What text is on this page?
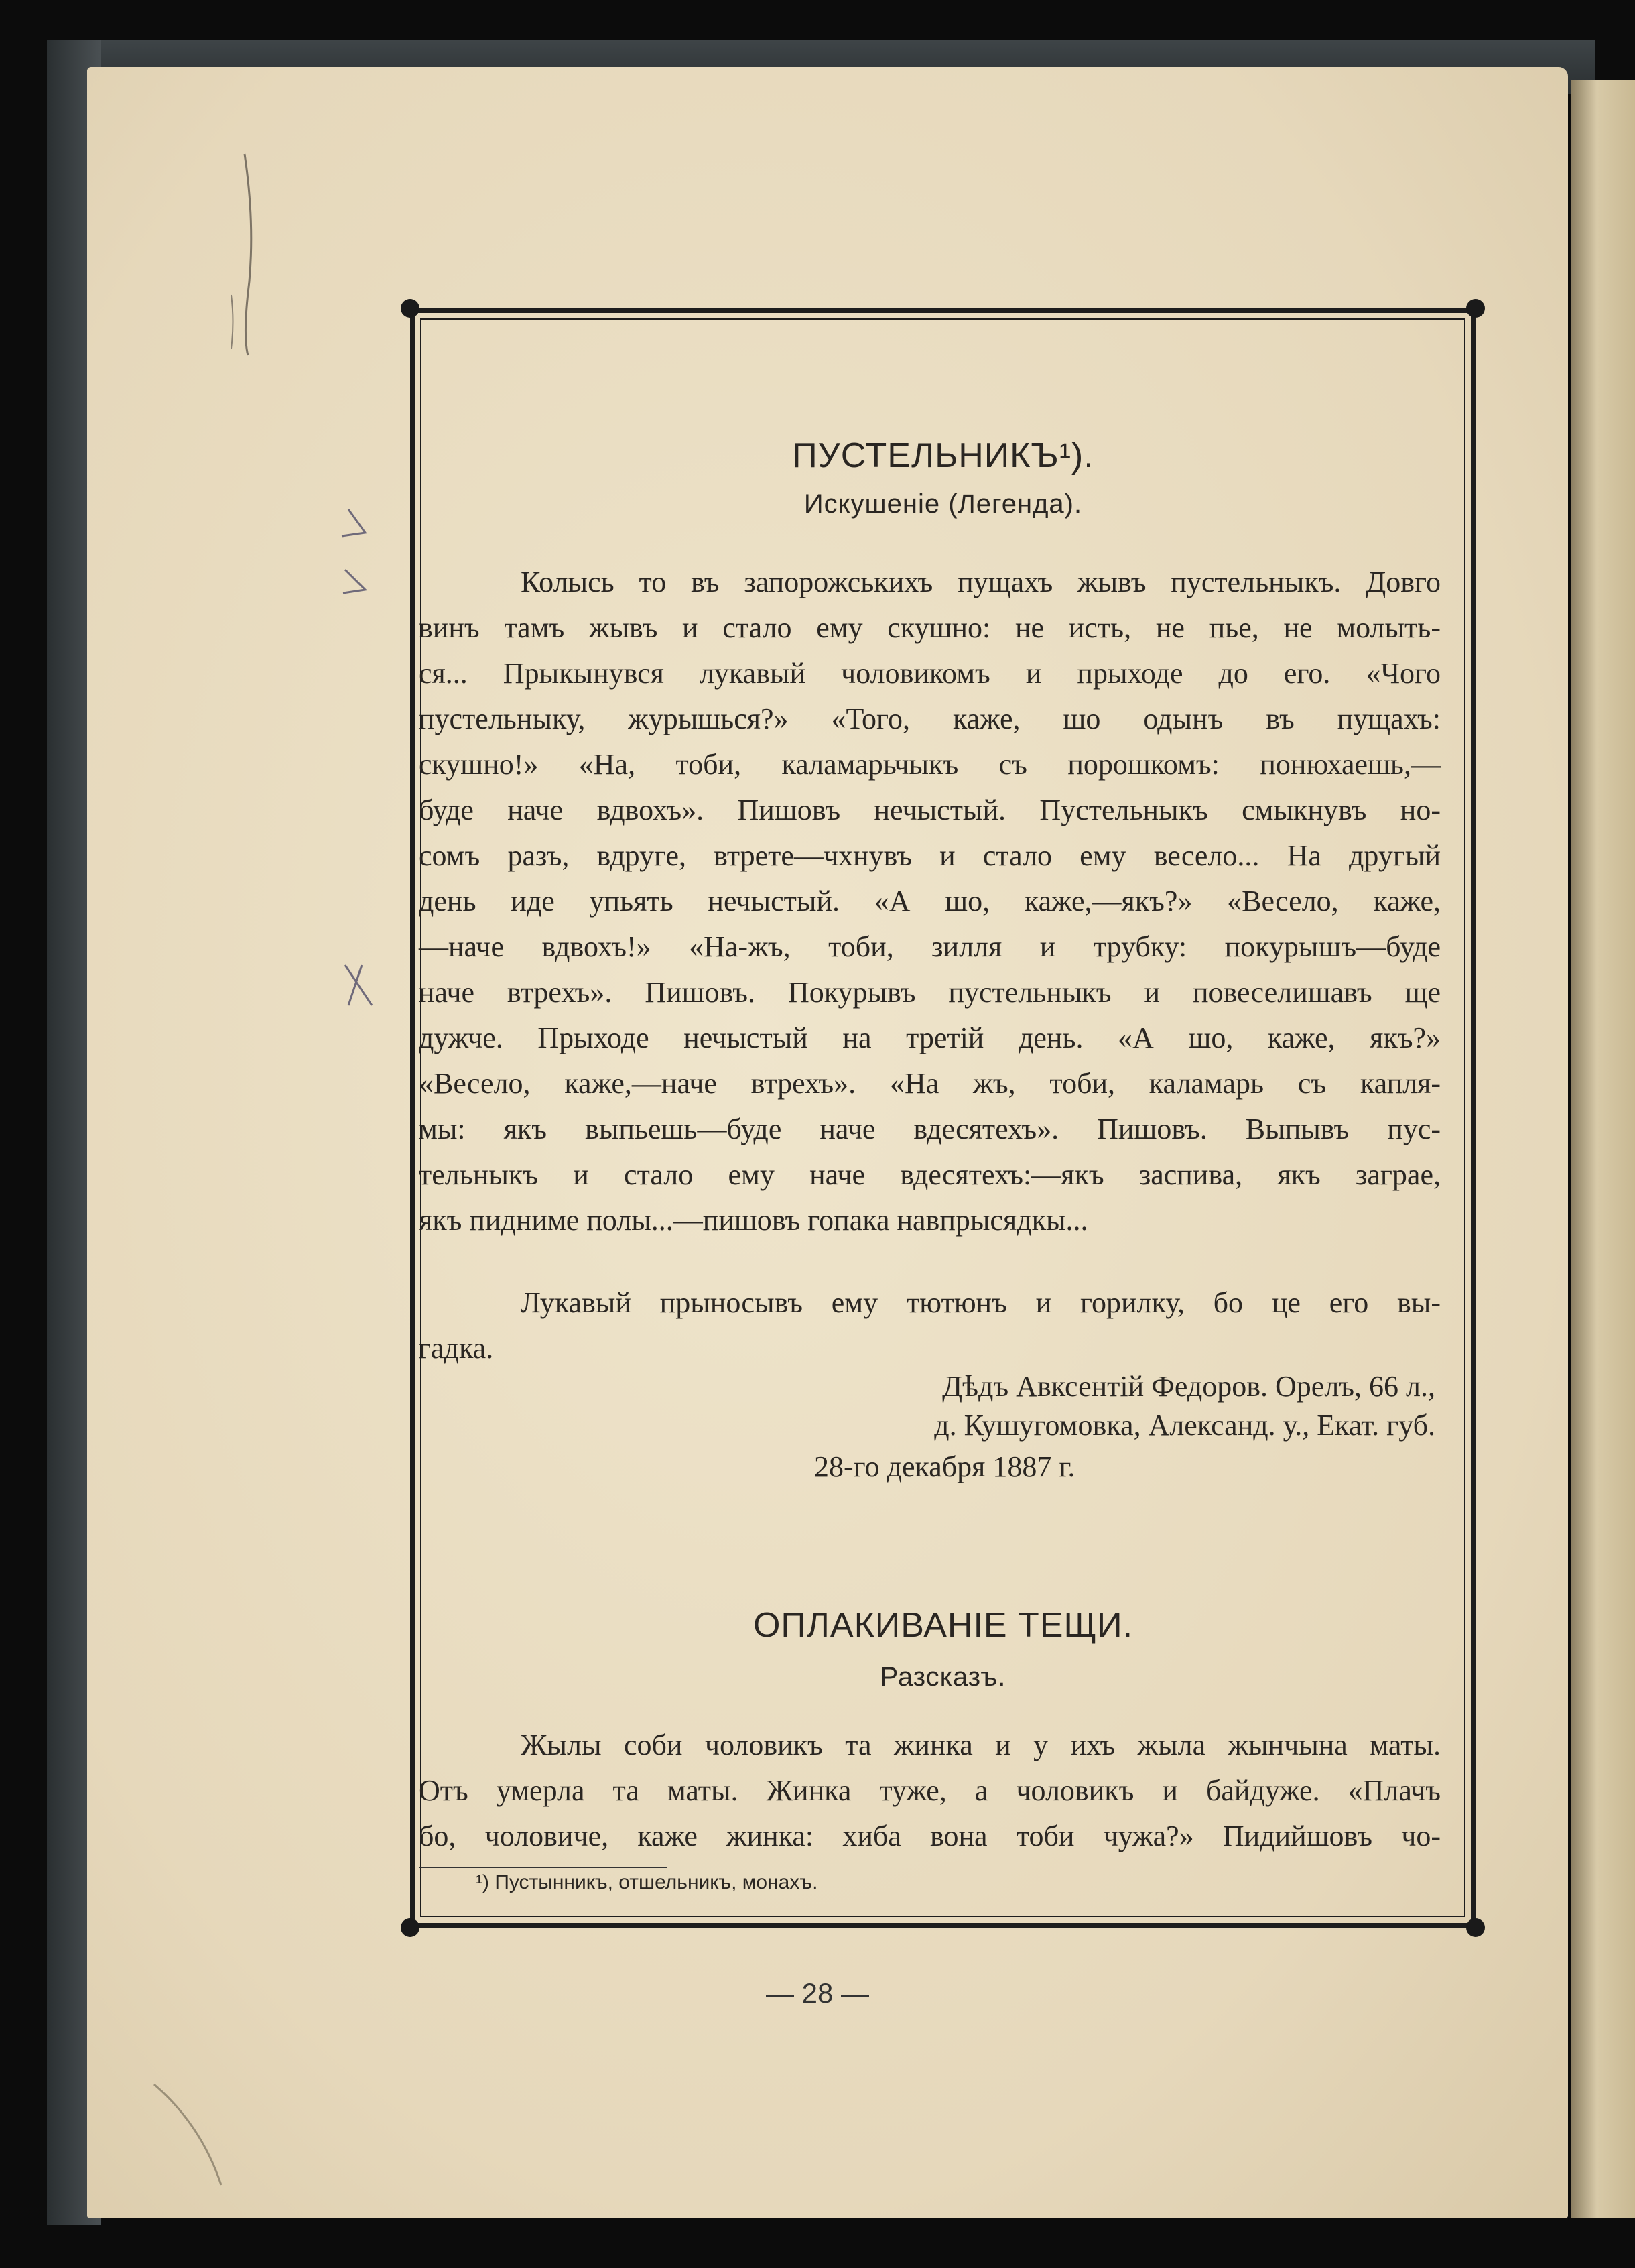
ПУСТЕЛЬНИКЪ¹).
Искушеніе (Легенда).
Колысь то въ запорожськихъ пущахъ жывъ пустельныкъ. Довго
винъ тамъ жывъ и стало ему скушно: не исть, не пье, не молыть-
ся... Прыкынувся лукавый чоловикомъ и прыходе до его. «Чого
пустельныку, журышься?» «Того, каже, шо одынъ въ пущахъ:
скушно!» «На, тоби, каламарьчыкъ съ порошкомъ: понюхаешь,—
буде наче вдвохъ». Пишовъ нечыстый. Пустельныкъ смыкнувъ но-
сомъ разъ, вдруге, втрете—чхнувъ и стало ему весело... На другый
день иде упьять нечыстый. «А шо, каже,—якъ?» «Весело, каже,
—наче вдвохъ!» «На-жъ, тоби, зилля и трубку: покурышъ—буде
наче втрехъ». Пишовъ. Покурывъ пустельныкъ и повеселишавъ ще
дужче. Прыходе нечыстый на третій день. «А шо, каже, якъ?»
«Весело, каже,—наче втрехъ». «На жъ, тоби, каламарь съ капля-
мы: якъ выпьешь—буде наче вдесятехъ». Пишовъ. Выпывъ пус-
тельныкъ и стало ему наче вдесятехъ:—якъ заспива, якъ заграе,
якъ пидниме полы...—пишовъ гопака навпрысядкы...
Лукавый прыносывъ ему тютюнъ и горилку, бо це его вы-
гадка.
Дѣдъ Авксентій Федоров. Орелъ, 66 л.,
д. Кушугомовка, Александ. у., Екат. губ.
28-го декабря 1887 г.
ОПЛАКИВАНІЕ ТЕЩИ.
Разсказъ.
Жылы соби чоловикъ та жинка и у ихъ жыла жынчына маты.
Отъ умерла та маты. Жинка туже, а чоловикъ и байдуже. «Плачъ
бо, чоловиче, каже жинка: хиба вона тоби чужа?» Пидийшовъ чо-
¹) Пустынникъ, отшельникъ, монахъ.
— 28 —
